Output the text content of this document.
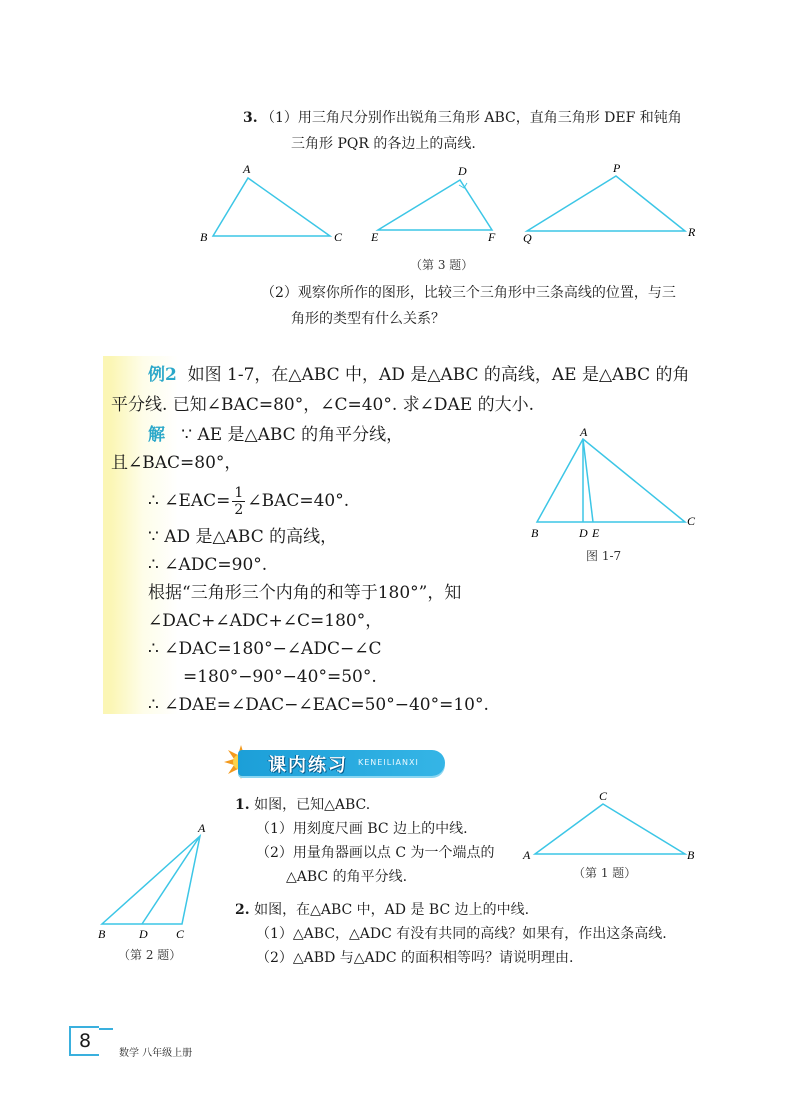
3. （1）用三角尺分别作出锐角三角形 ABC，直角三角形 DEF 和钝角
三角形 PQR 的各边上的高线.
A
B	C
D
E	F
P
Q	R
（第 3 题）
（2）观察你所作的图形，比较三个三角形中三条高线的位置，与三
角形的类型有什么关系？
例2 如图 1-7，在△ABC 中，AD 是△ABC 的高线，AE 是△ABC 的角
平分线. 已知∠BAC=80°，∠C=40°. 求∠DAE 的大小.
解 ∵ AE 是△ABC 的角平分线，
且∠BAC=80°，
∴ ∠EAC= $\frac{1}{2}$ ∠BAC=40°.
∵ AD 是△ABC 的高线，
∴ ∠ADC=90°.
根据“三角形三个内角的和等于180°”，知
∠DAC+∠ADC+∠C=180°，
∴ ∠DAC=180°−∠ADC−∠C
=180°−90°−40°=50°.
∴ ∠DAE=∠DAC−∠EAC=50°−40°=10°.
A
B
C
D E
图 1-7
课内练习 KENEILIANXI
1. 如图，已知△ABC.
（1）用刻度尺画 BC 边上的中线.
（2）用量角器画以点 C 为一个端点的
△ABC 的角平分线.
C
A	B
（第 1 题）
2. 如图，在△ABC 中，AD 是 BC 边上的中线.
（1）△ABC，△ADC 有没有共同的高线？如果有，作出这条高线.
（2）△ABD 与△ADC 的面积相等吗？请说明理由.
A
B	D C
（第 2 题）
8
数学 八年级上册
